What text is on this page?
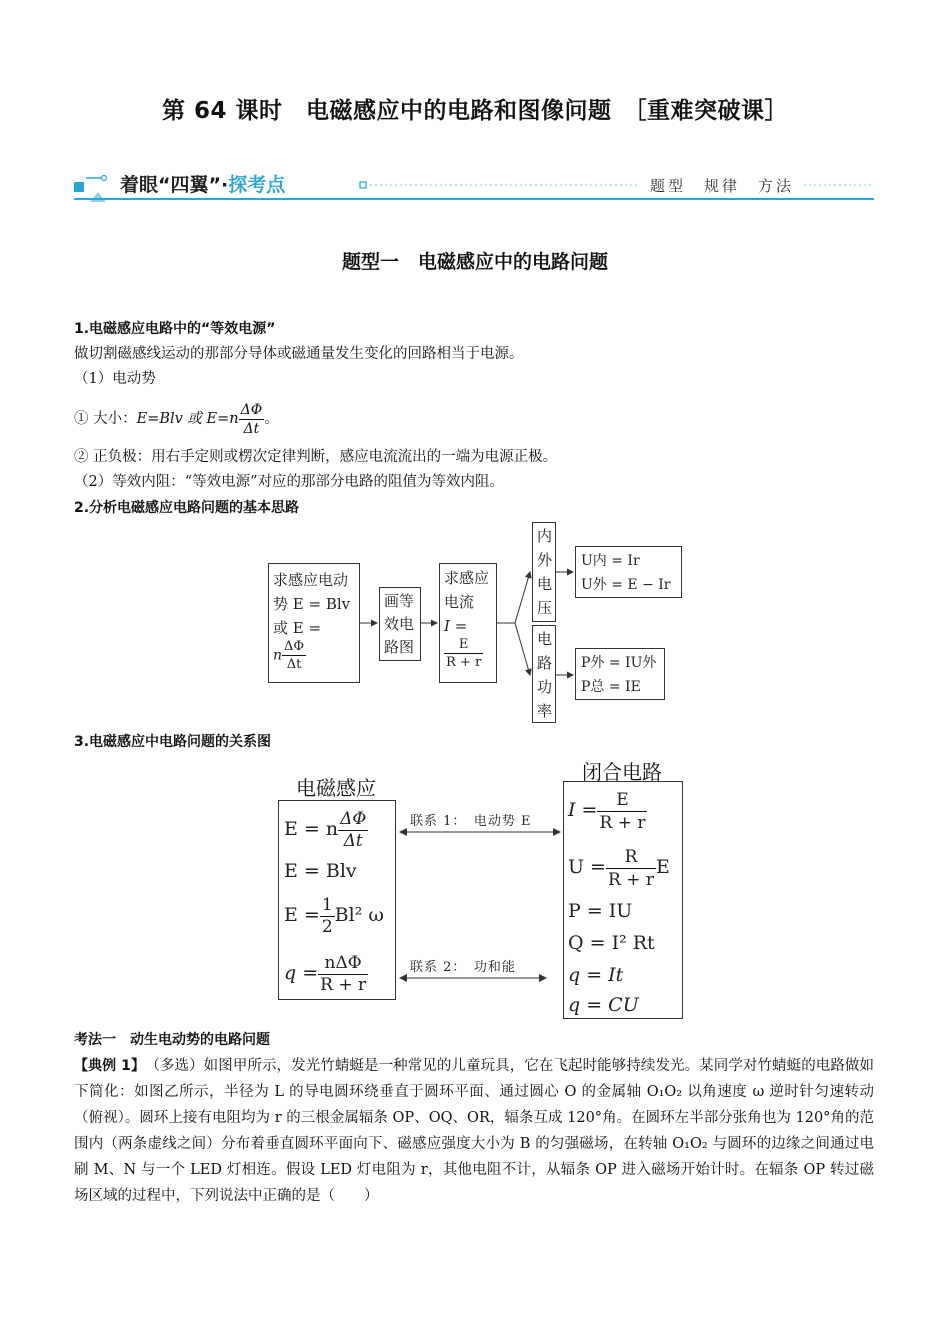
第 64 课时　电磁感应中的电路和图像问题　［重难突破课］
着眼“四翼”·探考点	题型　规律　方法
题型一　电磁感应中的电路问题
1.电磁感应电路中的“等效电源”
做切割磁感线运动的那部分导体或磁通量发生变化的回路相当于电源。
（1）电动势
① 大小：E=Blv 或 $E=n \frac{\Delta\Phi}{\Delta t}$ 。
② 正负极：用右手定则或楞次定律判断，感应电流流出的一端为电源正极。
（2）等效内阻：“等效电源”对应的那部分电路的阻值为等效内阻。
2.分析电磁感应电路问题的基本思路
求感应电动
势 E = Blv
或 E =
n $\frac{\Delta\Phi}{\Delta t}$
画等
效电
路图
求感应
电流
I =
$\frac{E}{R + r}$
内
外
电
压
电
路
功
率
U内 = Ir
U外 = E − Ir
P外 = IU外
P总 = IE
3.电磁感应中电路问题的关系图
电磁感应
闭合电路
E = n $\frac{\Delta\Phi}{\Delta t}$
E = Blv
$E = \frac{1}{2} Bl^2$ ω
$q = \frac{\text{nΔΦ}}{R + r}$
联系 1：　电动势 E
联系 2：　功和能
$I = \frac{E}{R + r}$
$U = \frac{R}{R + r}$ E
P = IU
Q = I² Rt
q = It
q = CU
考法一　动生电动势的电路问题
【典例 1】　 （多选）如图甲所示，发光竹蜻蜓是一种常见的儿童玩具，它在飞起时能够持续发光。某同学对竹蜻蜓的电路做如下简化：如图乙所示，半径为 L 的导电圆环绕垂直于圆环平面、通过圆心 O 的金属轴 O₁O₂ 以角速度 ω 逆时针匀速转动（俯视）。圆环上接有电阻均为 r 的三根金属辐条 OP、OQ、OR，辐条互成 120°角。在圆环左半部分张角也为 120°角的范围内（两条虚线之间）分布着垂直圆环平面向下、磁感应强度大小为 B 的匀强磁场，在转轴 O₁O₂ 与圆环的边缘之间通过电刷 M、N 与一个 LED 灯相连。假设 LED 灯电阻为 r，其他电阻不计，从辐条 OP 进入磁场开始计时。在辐条 OP 转过磁场区域的过程中，下列说法中正确的是（　　）
